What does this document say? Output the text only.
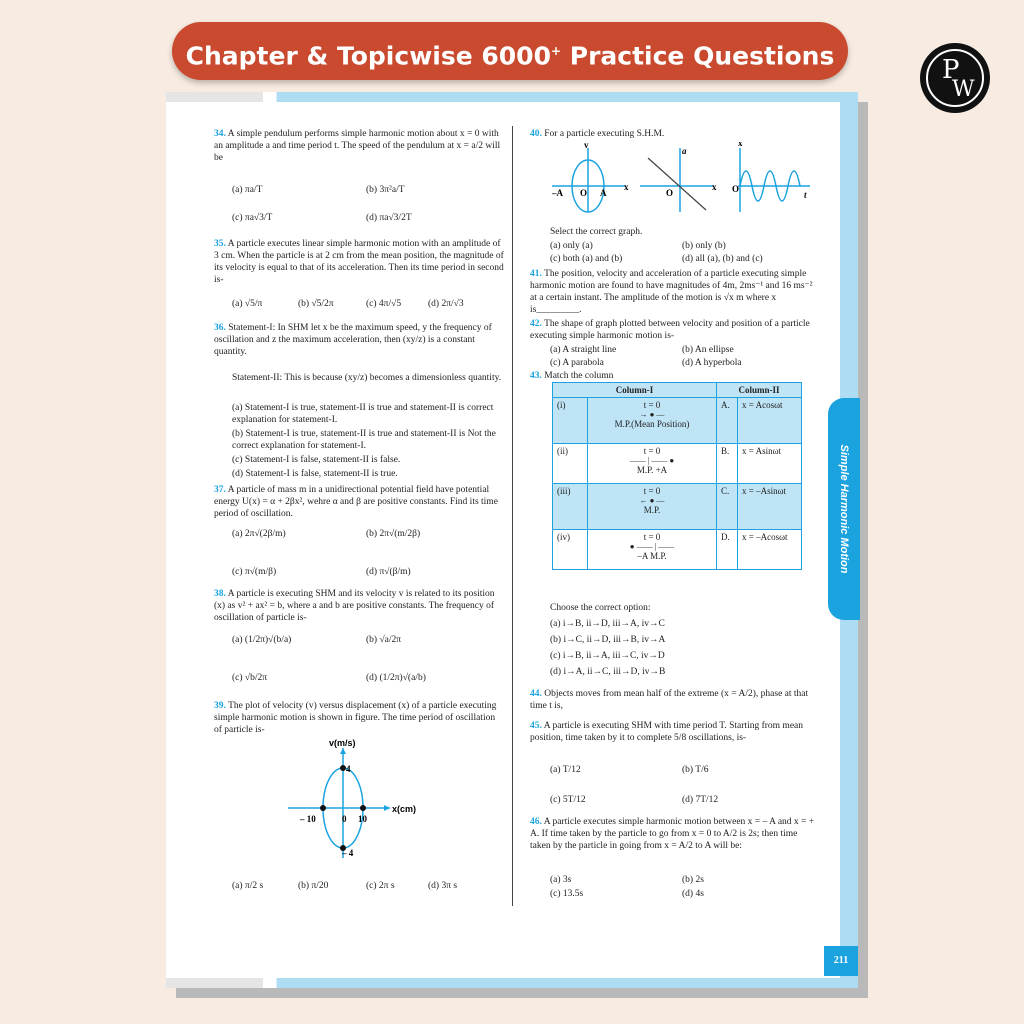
Chapter & Topicwise 6000+ Practice Questions	P
W
Simple Harmonic Motion
211
34. A simple pendulum performs simple harmonic motion about x = 0 with an amplitude a and time period t. The speed of the pendulum at x = a/2 will be
(a) πa/T	(b) 3π²a/T
(c) πa√3/T	(d) πa√3/2T
35. A particle executes linear simple harmonic motion with an amplitude of 3 cm. When the particle is at 2 cm from the mean position, the magnitude of its velocity is equal to that of its acceleration. Then its time period in second is-
(a) √5/π	(b) √5/2π	(c) 4π/√5	(d) 2π/√3
36. Statement-I: In SHM let x be the maximum speed, y the frequency of oscillation and z the maximum acceleration, then (xy/z) is a constant quantity.
Statement-II: This is because (xy/z) becomes a dimensionless quantity.
(a) Statement-I is true, statement-II is true and statement-II is correct explanation for statement-I.
(b) Statement-I is true, statement-II is true and statement-II is Not the correct explanation for statement-I.
(c) Statement-I is false, statement-II is false.
(d) Statement-I is false, statement-II is true.
37. A particle of mass m in a unidirectional potential field have potential energy U(x) = α + 2βx², wehre α and β are positive constants. Find its time period of oscillation.
(a) 2π√(2β/m)	(b) 2π√(m/2β)
(c) π√(m/β)	(d) π√(β/m)
38. A particle is executing SHM and its velocity v is related to its position (x) as v² + ax² = b, where a and b are positive constants. The frequency of oscillation of particle is-
(a) (1/2π)√(b/a)	(b) √a/2π
(c) √b/2π	(d) (1/2π)√(a/b)
39. The plot of velocity (v) versus displacement (x) of a particle executing simple harmonic motion is shown in figure. The time period of oscillation of particle is-
v(m/s)
x(cm)
4
– 4
– 10	0 10
(a) π/2 s	(b) π/20	(c) 2π s	(d) 3π s
40. For a particle executing S.H.M.
v
x
–A O A
a
x
O
x
O
t
Select the correct graph.
(a) only (a)	(b) only (b)
(c) both (a) and (b)	(d) all (a), (b) and (c)
41. The position, velocity and acceleration of a particle executing simple harmonic motion are found to have magnitudes of 4m, 2ms⁻¹ and 16 ms⁻² at a certain instant. The amplitude of the motion is √x m where x is_________.
42. The shape of graph plotted between velocity and position of a particle executing simple harmonic motion is-
(a) A straight line	(b) An ellipse
(c) A parabola	(d) A hyperbola
43. Match the column
Column-I		Column-II	
(i)	t = 0
→ ● —
M.P.(Mean Position)	A.	x = Acosωt
(ii)	t = 0
—— | —— ●
M.P. +A	B.	x = Asinωt
(iii)	t = 0
← ● —
M.P.	C.	x = –Asinωt
(iv)	t = 0
● —— | ——
–A M.P.	D.	x = –Acosωt
Choose the correct option:
(a) i→B, ii→D, iii→A, iv→C
(b) i→C, ii→D, iii→B, iv→A
(c) i→B, ii→A, iii→C, iv→D
(d) i→A, ii→C, iii→D, iv→B
44. Objects moves from mean half of the extreme (x = A/2), phase at that time t is,
45. A particle is executing SHM with time period T. Starting from mean position, time taken by it to complete 5/8 oscillations, is-
(a) T/12	(b) T/6
(c) 5T/12	(d) 7T/12
46. A particle executes simple harmonic motion between x = – A and x = + A. If time taken by the particle to go from x = 0 to A/2 is 2s; then time taken by the particle in going from x = A/2 to A will be:
(a) 3s	(b) 2s
(c) 13.5s	(d) 4s
